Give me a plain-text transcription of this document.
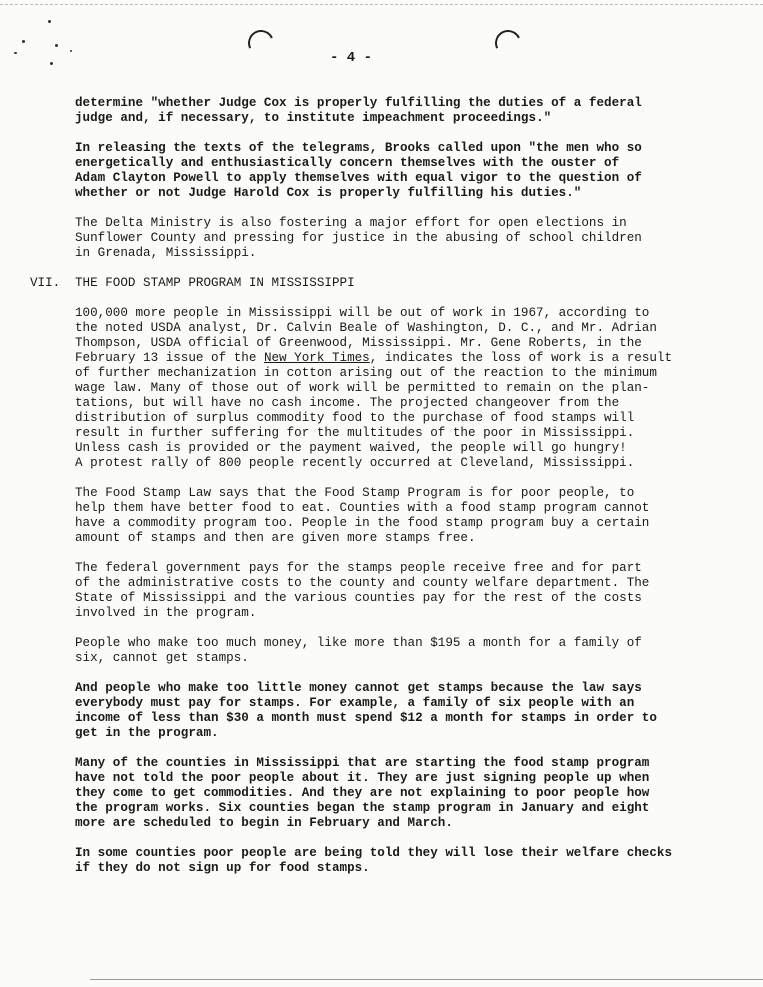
- 4 -

determine "whether Judge Cox is properly fulfilling the duties of a federal
judge and, if necessary, to institute impeachment proceedings."

In releasing the texts of the telegrams, Brooks called upon "the men who so
energetically and enthusiastically concern themselves with the ouster of
Adam Clayton Powell to apply themselves with equal vigor to the question of
whether or not Judge Harold Cox is properly fulfilling his duties."

The Delta Ministry is also fostering a major effort for open elections in
Sunflower County and pressing for justice in the abusing of school children
in Grenada, Mississippi.

VII. THE FOOD STAMP PROGRAM IN MISSISSIPPI

100,000 more people in Mississippi will be out of work in 1967, according to
the noted USDA analyst, Dr. Calvin Beale of Washington, D. C., and Mr. Adrian
Thompson, USDA official of Greenwood, Mississippi. Mr. Gene Roberts, in the
February 13 issue of the New York Times, indicates the loss of work is a result
of further mechanization in cotton arising out of the reaction to the minimum
wage law. Many of those out of work will be permitted to remain on the plan-
tations, but will have no cash income. The projected changeover from the
distribution of surplus commodity food to the purchase of food stamps will
result in further suffering for the multitudes of the poor in Mississippi.
Unless cash is provided or the payment waived, the people will go hungry!
A protest rally of 800 people recently occurred at Cleveland, Mississippi.

The Food Stamp Law says that the Food Stamp Program is for poor people, to
help them have better food to eat. Counties with a food stamp program cannot
have a commodity program too. People in the food stamp program buy a certain
amount of stamps and then are given more stamps free.

The federal government pays for the stamps people receive free and for part
of the administrative costs to the county and county welfare department. The
State of Mississippi and the various counties pay for the rest of the costs
involved in the program.

People who make too much money, like more than $195 a month for a family of
six, cannot get stamps.

And people who make too little money cannot get stamps because the law says
everybody must pay for stamps. For example, a family of six people with an
income of less than $30 a month must spend $12 a month for stamps in order to
get in the program.

Many of the counties in Mississippi that are starting the food stamp program
have not told the poor people about it. They are just signing people up when
they come to get commodities. And they are not explaining to poor people how
the program works. Six counties began the stamp program in January and eight
more are scheduled to begin in February and March.

In some counties poor people are being told they will lose their welfare checks
if they do not sign up for food stamps.
